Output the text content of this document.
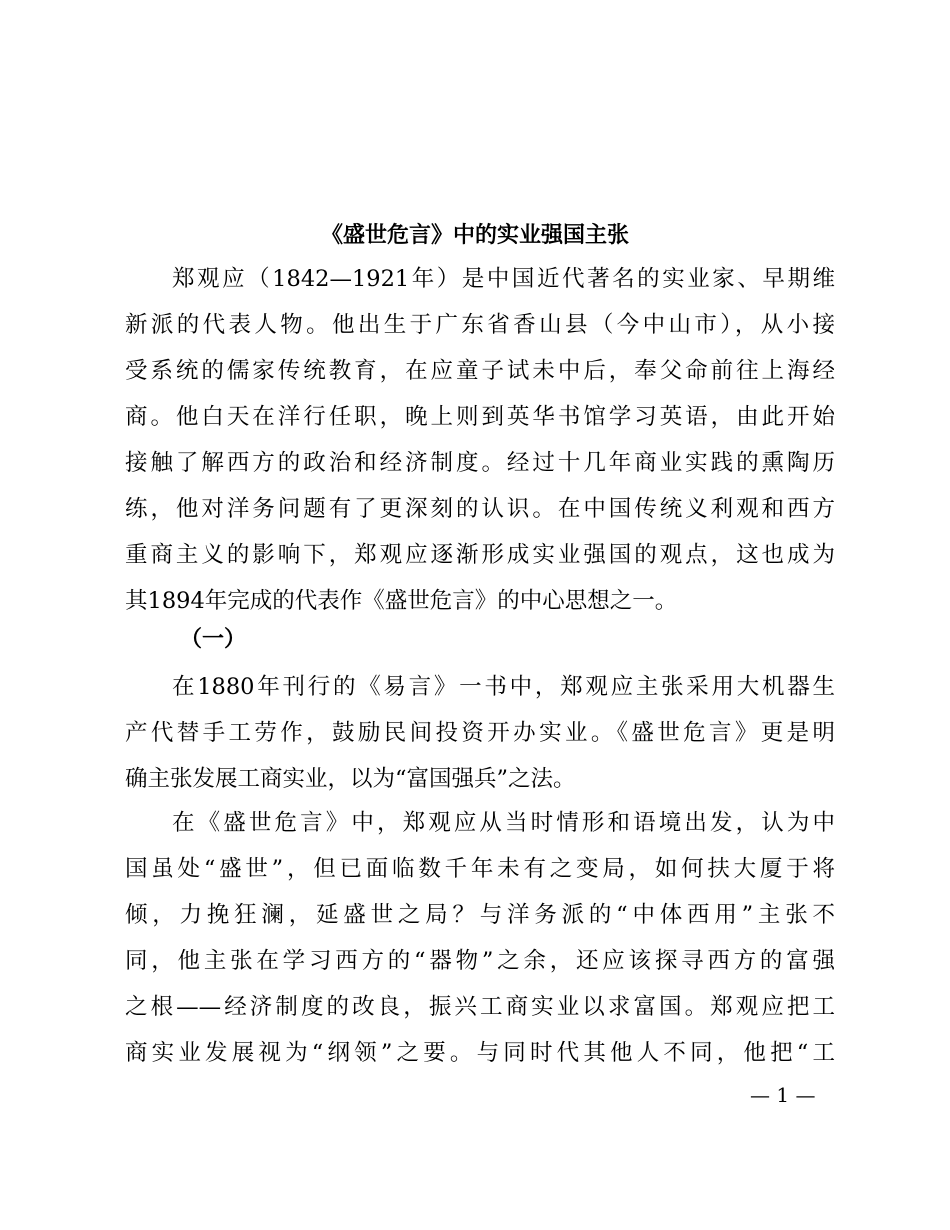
《盛世危言》中的实业强国主张
郑观应（1842—1921年）是中国近代著名的实业家、早期维
新派的代表人物。他出生于广东省香山县（今中山市），从小接
受系统的儒家传统教育，在应童子试未中后，奉父命前往上海经
商。他白天在洋行任职，晚上则到英华书馆学习英语，由此开始
接触了解西方的政治和经济制度。经过十几年商业实践的熏陶历
练，他对洋务问题有了更深刻的认识。在中国传统义利观和西方
重商主义的影响下，郑观应逐渐形成实业强国的观点，这也成为
其1894年完成的代表作《盛世危言》的中心思想之一。
（一）
在1880年刊行的《易言》一书中，郑观应主张采用大机器生
产代替手工劳作，鼓励民间投资开办实业。《盛世危言》更是明
确主张发展工商实业，以为“富国强兵”之法。
在《盛世危言》中，郑观应从当时情形和语境出发，认为中
国虽处“盛世”，但已面临数千年未有之变局，如何扶大厦于将
倾，力挽狂澜，延盛世之局？与洋务派的“中体西用”主张不
同，他主张在学习西方的“器物”之余，还应该探寻西方的富强
之根——经济制度的改良，振兴工商实业以求富国。郑观应把工
商实业发展视为“纲领”之要。与同时代其他人不同，他把“工
— 1 —
